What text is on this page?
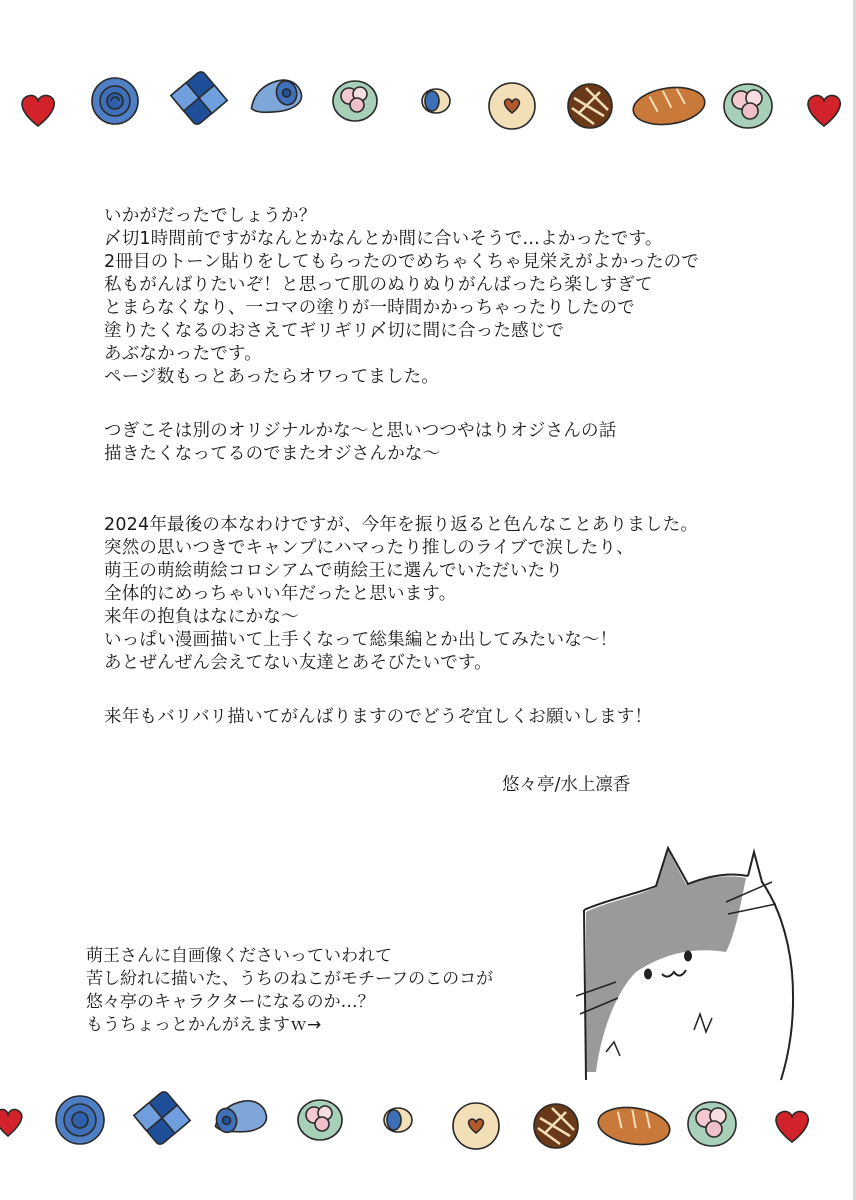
いかがだったでしょうか？
〆切1時間前ですがなんとかなんとか間に合いそうで…よかったです。
2冊目のトーン貼りをしてもらったのでめちゃくちゃ見栄えがよかったので
私もがんばりたいぞ！と思って肌のぬりぬりがんばったら楽しすぎて
とまらなくなり、一コマの塗りが一時間かかっちゃったりしたので
塗りたくなるのおさえてギリギリ〆切に間に合った感じで
あぶなかったです。
ページ数もっとあったらオワってました。

つぎこそは別のオリジナルかな～と思いつつやはりオジさんの話
描きたくなってるのでまたオジさんかな～

2024年最後の本なわけですが、今年を振り返ると色んなことありました。
突然の思いつきでキャンプにハマったり推しのライブで涙したり、
萌王の萌絵萌絵コロシアムで萌絵王に選んでいただいたり
全体的にめっちゃいい年だったと思います。
来年の抱負はなにかな～
いっぱい漫画描いて上手くなって総集編とか出してみたいな～！
あとぜんぜん会えてない友達とあそびたいです。

来年もバリバリ描いてがんばりますのでどうぞ宜しくお願いします！

悠々亭/水上凛香

萌王さんに自画像くださいっていわれて
苦し紛れに描いた、うちのねこがモチーフのこのコが
悠々亭のキャラクターになるのか…？
もうちょっとかんがえますｗ→
